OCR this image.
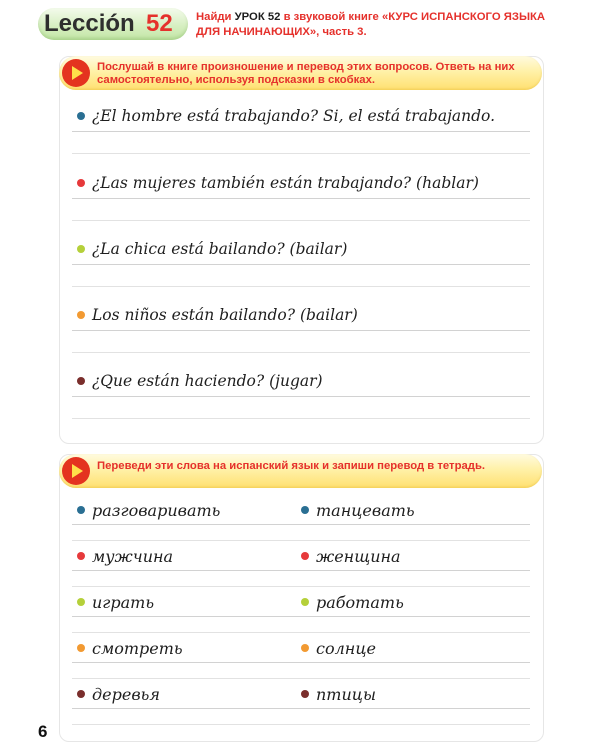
Lección 52 Найди УРОК 52 в звуковой книге «КУРС ИСПАНСКОГО ЯЗЫКА ДЛЯ НАЧИНАЮЩИХ», часть 3.
Послушай в книге произношение и перевод этих вопросов. Ответь на них самостоятельно, используя подсказки в скобках.
¿El hombre está trabajando? Si, el está trabajando.
¿Las mujeres también están trabajando? (hablar)
¿La chica está bailando? (bailar)
Los niños están bailando? (bailar)
¿Que están haciendo? (jugar)
Переведи эти слова на испанский язык и запиши перевод в тетрадь.
разговаривать	танцевать
мужчина	женщина
играть	работать
смотреть	солнце
деревья	птицы
6
